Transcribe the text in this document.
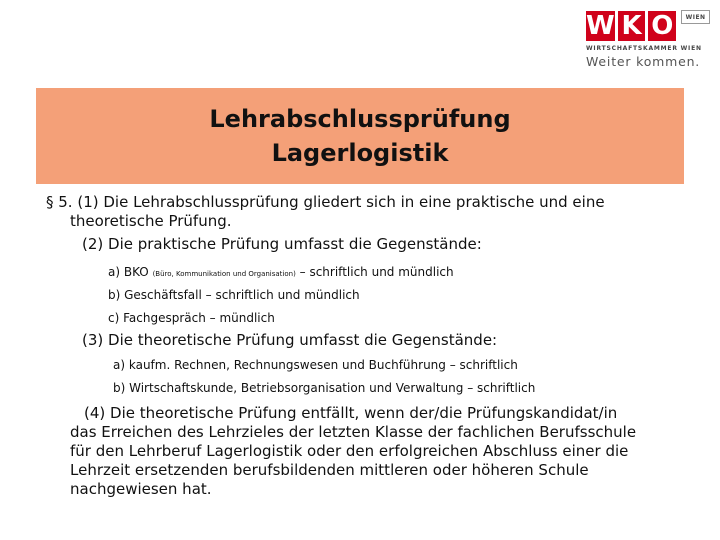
W K O	WIEN
WIRTSCHAFTSKAMMER WIEN
Weiter kommen.
Lehrabschlussprüfung
Lagerlogistik
§ 5. (1) Die Lehrabschlussprüfung gliedert sich in eine praktische und eine
theoretische Prüfung.
(2) Die praktische Prüfung umfasst die Gegenstände:
a) BKO (Büro, Kommunikation und Organisation) – schriftlich und mündlich
b) Geschäftsfall – schriftlich und mündlich
c) Fachgespräch – mündlich
(3) Die theoretische Prüfung umfasst die Gegenstände:
a) kaufm. Rechnen, Rechnungswesen und Buchführung – schriftlich
b) Wirtschaftskunde, Betriebsorganisation und Verwaltung – schriftlich
(4) Die theoretische Prüfung entfällt, wenn der/die Prüfungskandidat/in
das Erreichen des Lehrzieles der letzten Klasse der fachlichen Berufsschule
für den Lehrberuf Lagerlogistik oder den erfolgreichen Abschluss einer die
Lehrzeit ersetzenden berufsbildenden mittleren oder höheren Schule
nachgewiesen hat.
